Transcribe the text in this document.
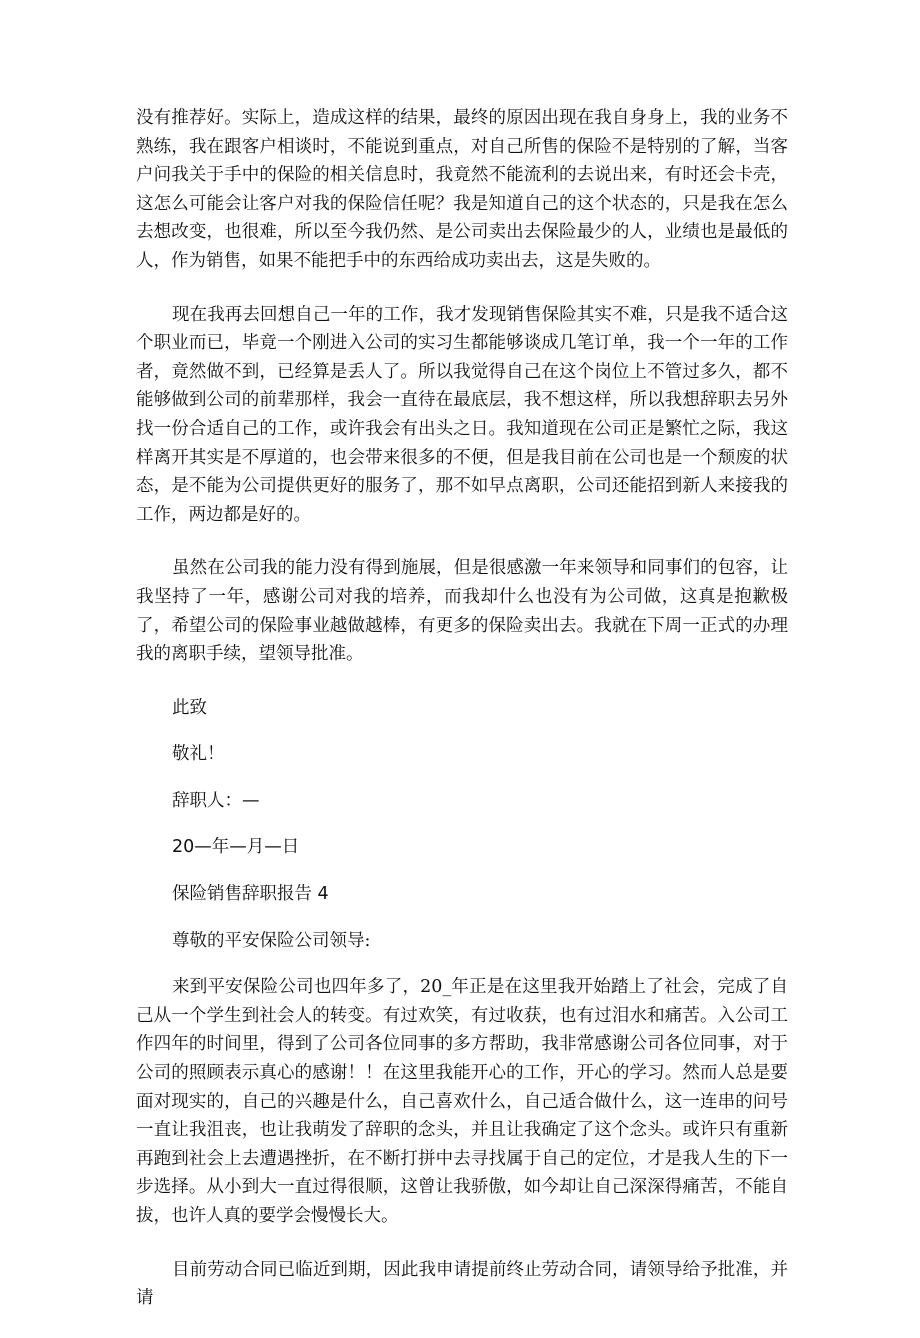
没有推荐好。实际上，造成这样的结果，最终的原因出现在我自身身上，我的业务不熟练，我在跟客户相谈时，不能说到重点，对自己所售的保险不是特别的了解，当客户问我关于手中的保险的相关信息时，我竟然不能流利的去说出来，有时还会卡壳，这怎么可能会让客户对我的保险信任呢？我是知道自己的这个状态的，只是我在怎么去想改变，也很难，所以至今我仍然、是公司卖出去保险最少的人，业绩也是最低的人，作为销售，如果不能把手中的东西给成功卖出去，这是失败的。

现在我再去回想自己一年的工作，我才发现销售保险其实不难，只是我不适合这个职业而已，毕竟一个刚进入公司的实习生都能够谈成几笔订单，我一个一年的工作者，竟然做不到，已经算是丢人了。所以我觉得自己在这个岗位上不管过多久，都不能够做到公司的前辈那样，我会一直待在最底层，我不想这样，所以我想辞职去另外找一份合适自己的工作，或许我会有出头之日。我知道现在公司正是繁忙之际，我这样离开其实是不厚道的，也会带来很多的不便，但是我目前在公司也是一个颓废的状态，是不能为公司提供更好的服务了，那不如早点离职，公司还能招到新人来接我的工作，两边都是好的。

虽然在公司我的能力没有得到施展，但是很感激一年来领导和同事们的包容，让我坚持了一年，感谢公司对我的培养，而我却什么也没有为公司做，这真是抱歉极了，希望公司的保险事业越做越棒，有更多的保险卖出去。我就在下周一正式的办理我的离职手续，望领导批准。

此致

敬礼！

辞职人：—

20—年—月—日

保险销售辞职报告 4

尊敬的平安保险公司领导:

来到平安保险公司也四年多了，20_年正是在这里我开始踏上了社会，完成了自己从一个学生到社会人的转变。有过欢笑，有过收获，也有过泪水和痛苦。入公司工作四年的时间里，得到了公司各位同事的多方帮助，我非常感谢公司各位同事，对于公司的照顾表示真心的感谢！！在这里我能开心的工作，开心的学习。然而人总是要面对现实的，自己的兴趣是什么，自己喜欢什么，自己适合做什么，这一连串的问号一直让我沮丧，也让我萌发了辞职的念头，并且让我确定了这个念头。或许只有重新再跑到社会上去遭遇挫折，在不断打拼中去寻找属于自己的定位，才是我人生的下一步选择。从小到大一直过得很顺，这曾让我骄傲，如今却让自己深深得痛苦，不能自拔，也许人真的要学会慢慢长大。

目前劳动合同已临近到期，因此我申请提前终止劳动合同，请领导给予批准，并请
